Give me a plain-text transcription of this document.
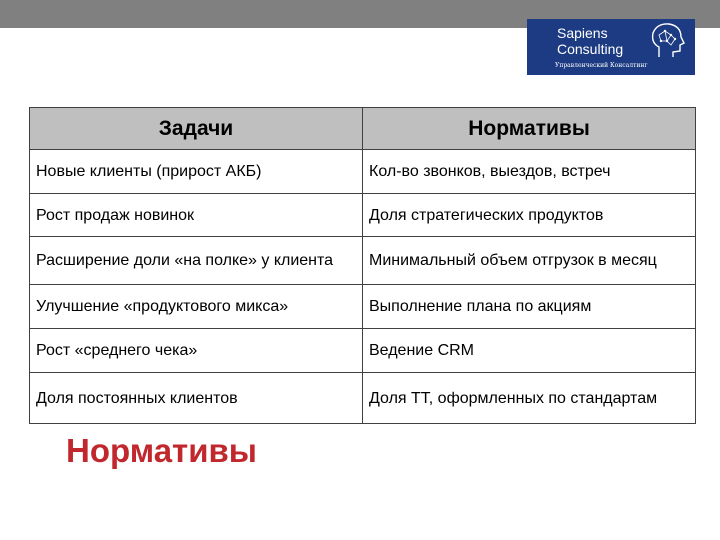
Sapiens
Consulting
Управленческий Консалтинг
Задачи	Нормативы
Новые клиенты (прирост АКБ)	Кол-во звонков, выездов, встреч
Рост продаж новинок	Доля стратегических продуктов
Расширение доли «на полке» у клиента	Минимальный объем отгрузок в месяц
Улучшение «продуктового микса»	Выполнение плана по акциям
Рост «среднего чека»	Ведение CRM
Доля постоянных клиентов	Доля ТТ, оформленных по стандартам
Нормативы
